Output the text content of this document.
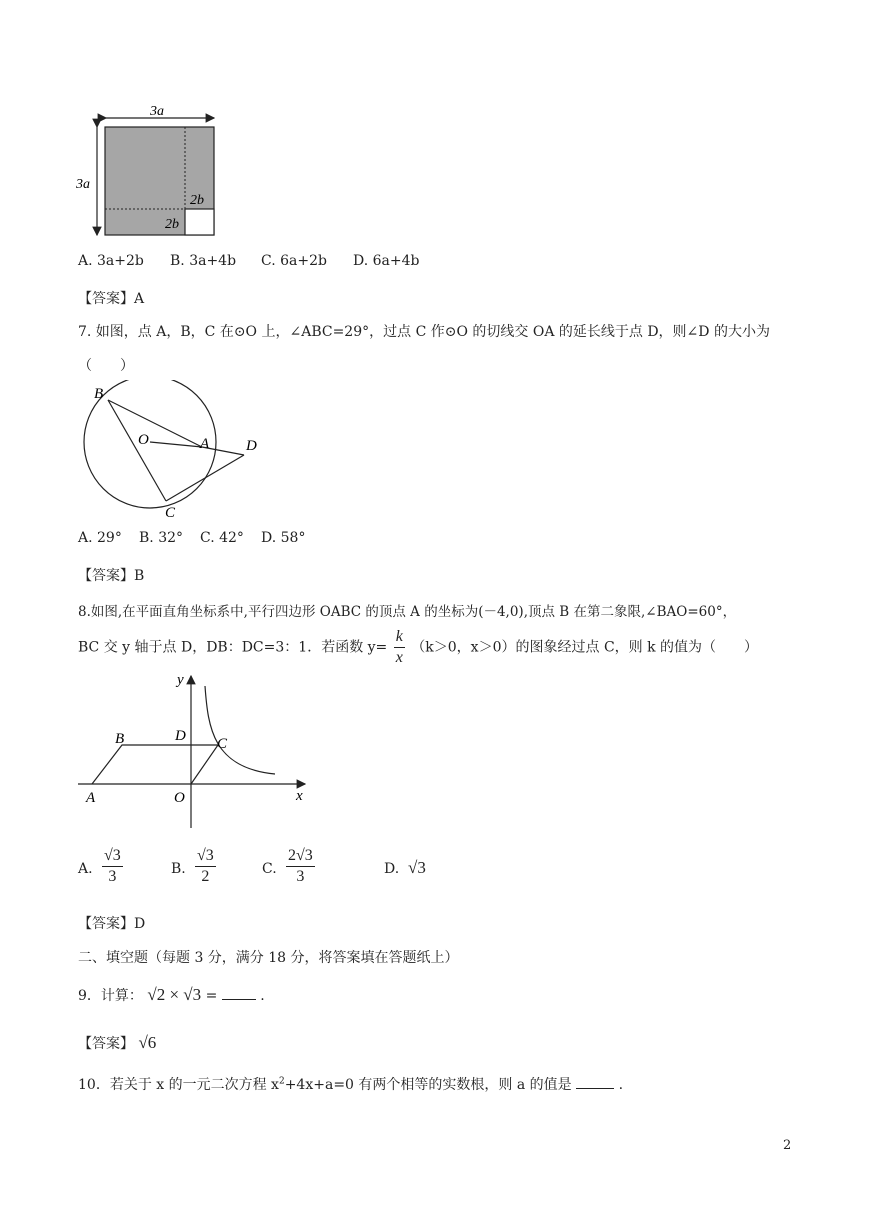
3a
3a
2b
2b
A. 3a+2b B. 3a+4b C. 6a+2b D. 6a+4b
【答案】A
7. 如图，点 A，B，C 在⊙O 上，∠ABC=29°，过点 C 作⊙O 的切线交 OA 的延长线于点 D，则∠D 的大小为
（　　）
B
O	A D
C
A. 29° B. 32° C. 42° D. 58°
【答案】B
8.如图,在平面直角坐标系中,平行四边形 OABC 的顶点 A 的坐标为(－4,0),顶点 B 在第二象限,∠BAO=60°，
BC 交 y 轴于点 D，DB：DC=3：1．若函数 $y= \frac{k}{x} (k>0$，x＞0）的图象经过点 C，则 k 的值为（　　）
y
x
B	D C
A	O
A. $\frac{√3}{3}$	B. $\frac{√3}{2}$	C. $\frac{2√3}{3}$	D. √3
【答案】D
二、填空题（每题 3 分，满分 18 分，将答案填在答题纸上）
9．计算： √2 × √3 =	.
【答案】 √6
10．若关于 x 的一元二次方程 $x^2+4x+a=0$ 有两个相等的实数根，则 a 的值是	.
2
